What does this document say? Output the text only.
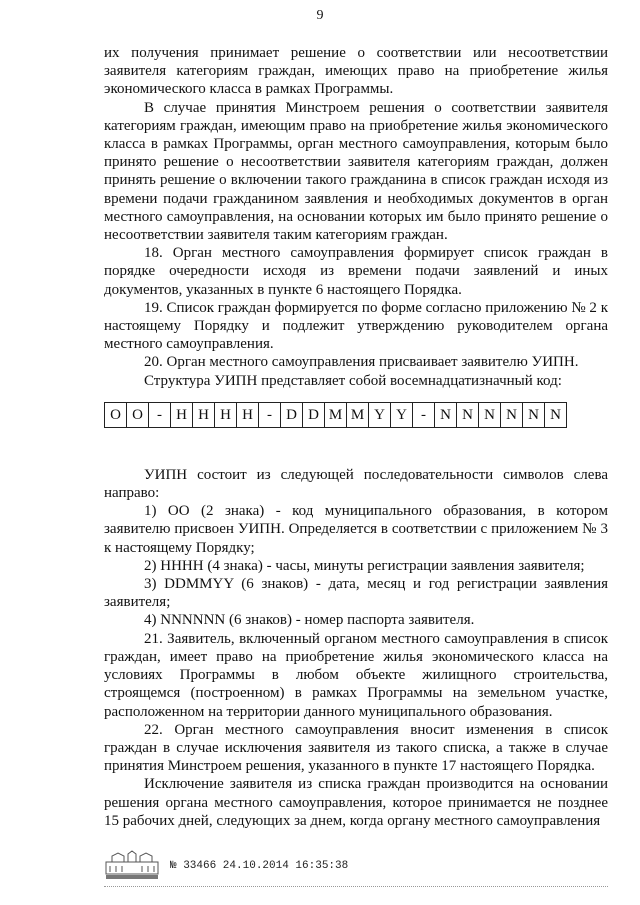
9

их получения принимает решение о соответствии или несоответствии заявителя категориям граждан, имеющих право на приобретение жилья экономического класса в рамках Программы.

В случае принятия Минстроем решения о соответствии заявителя категориям граждан, имеющим право на приобретение жилья экономического класса в рамках Программы, орган местного самоуправления, которым было принято решение о несоответствии заявителя категориям граждан, должен принять решение о включении такого гражданина в список граждан исходя из времени подачи гражданином заявления и необходимых документов в орган местного самоуправления, на основании которых им было принято решение о несоответствии заявителя таким категориям граждан.

18. Орган местного самоуправления формирует список граждан в порядке очередности исходя из времени подачи заявлений и иных документов, указанных в пункте 6 настоящего Порядка.

19. Список граждан формируется по форме согласно приложению № 2 к настоящему Порядку и подлежит утверждению руководителем органа местного самоуправления.

20. Орган местного самоуправления присваивает заявителю УИПН.

Структура УИПН представляет собой восемнадцатизначный код:

О	О	-	Н	Н	Н	Н	-	D	D	M	M	Y	Y	-	N	N	N	N	N	N

УИПН состоит из следующей последовательности символов слева направо:

1) ОО (2 знака) - код муниципального образования, в котором заявителю присвоен УИПН. Определяется в соответствии с приложением № 3 к настоящему Порядку;

2) ННHH (4 знака) - часы, минуты регистрации заявления заявителя;

3) DDMMYY (6 знаков) - дата, месяц и год регистрации заявления заявителя;

4) NNNNNN (6 знаков) - номер паспорта заявителя.

21. Заявитель, включенный органом местного самоуправления в список граждан, имеет право на приобретение жилья экономического класса на условиях Программы в любом объекте жилищного строительства, строящемся (построенном) в рамках Программы на земельном участке, расположенном на территории данного муниципального образования.

22. Орган местного самоуправления вносит изменения в список граждан в случае исключения заявителя из такого списка, а также в случае принятия Минстроем решения, указанного в пункте 17 настоящего Порядка.

Исключение заявителя из списка граждан производится на основании решения органа местного самоуправления, которое принимается не позднее 15 рабочих дней, следующих за днем, когда органу местного самоуправления

№ 33466 24.10.2014 16:35:38
